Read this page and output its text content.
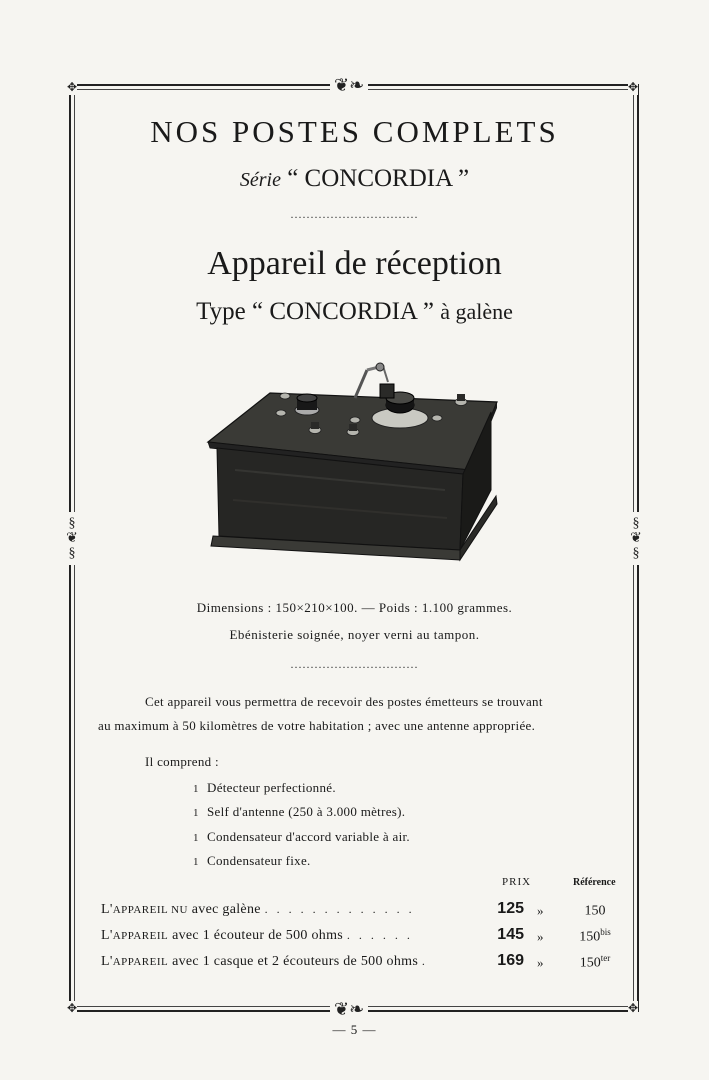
❦❧
❦❧
§
❦
§
§
❦
§
✥	✥
✥	✥
NOS POSTES COMPLETS
Série “ CONCORDIA ”
................................
Appareil de réception
Type “ CONCORDIA ” à galène
Dimensions : 150×210×100. — Poids : 1.100 grammes.
Ebénisterie soignée, noyer verni au tampon.
................................
Cet appareil vous permettra de recevoir des postes émetteurs se trouvant
au maximum à 50 kilomètres de votre habitation ; avec une antenne appropriée.
Il comprend :
1 Détecteur perfectionné.
1 Self d'antenne (250 à 3.000 mètres).
1 Condensateur d'accord variable à air.
1 Condensateur fixe.
PRIX	Référence
L'APPAREIL NU avec galène . . . . . . . . . . . . .	125 »	150
L'APPAREIL avec 1 écouteur de 500 ohms . . . . . .	145 »	$150^{bis}$
L'APPAREIL avec 1 casque et 2 écouteurs de 500 ohms .	169 »	$150^{ter}$
— 5 —
